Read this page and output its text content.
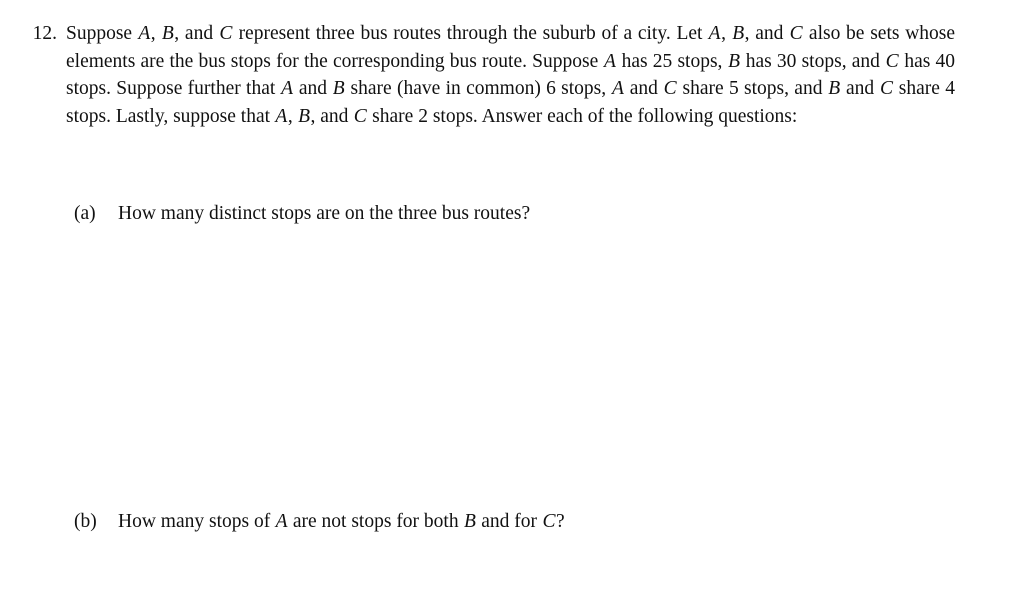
12. Suppose A, B, and C represent three bus routes through the suburb of a city. Let A, B, and C also be sets whose elements are the bus stops for the corresponding bus route. Suppose A has 25 stops, B has 30 stops, and C has 40 stops. Suppose further that A and B share (have in common) 6 stops, A and C share 5 stops, and B and C share 4 stops. Lastly, suppose that A, B, and C share 2 stops. Answer each of the following questions:

(a)	How many distinct stops are on the three bus routes?
(b)	How many stops of A are not stops for both B and for C?
